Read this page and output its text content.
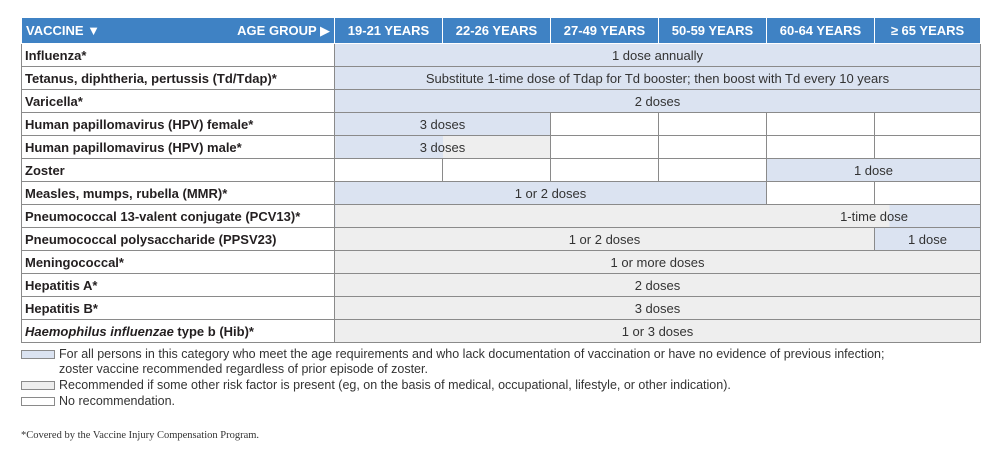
VACCINE ▼ AGE GROUP ▶	19-21 YEARS	22-26 YEARS	27-49 YEARS	50-59 YEARS	60-64 YEARS	≥ 65 YEARS
Influenza*	1 dose annually					
Tetanus, diphtheria, pertussis (Td/Tdap)*	Substitute 1-time dose of Tdap for Td booster; then boost with Td every 10 years					
Varicella*	2 doses					
Human papillomavirus (HPV) female*	3 doses					
Human papillomavirus (HPV) male*	3 doses					
Zoster					1 dose	
Measles, mumps, rubella (MMR)*	1 or 2 doses					
Pneumococcal 13-valent conjugate (PCV13)*	1-time dose					
Pneumococcal polysaccharide (PPSV23)	1 or 2 doses					1 dose
Meningococcal*	1 or more doses					
Hepatitis A*	2 doses					
Hepatitis B*	3 doses					
Haemophilus influenzae type b (Hib)*	1 or 3 doses					
For all persons in this category who meet the age requirements and who lack documentation of vaccination or have no evidence of previous infection;
zoster vaccine recommended regardless of prior episode of zoster.
Recommended if some other risk factor is present (eg, on the basis of medical, occupational, lifestyle, or other indication).
No recommendation.
*Covered by the Vaccine Injury Compensation Program.
